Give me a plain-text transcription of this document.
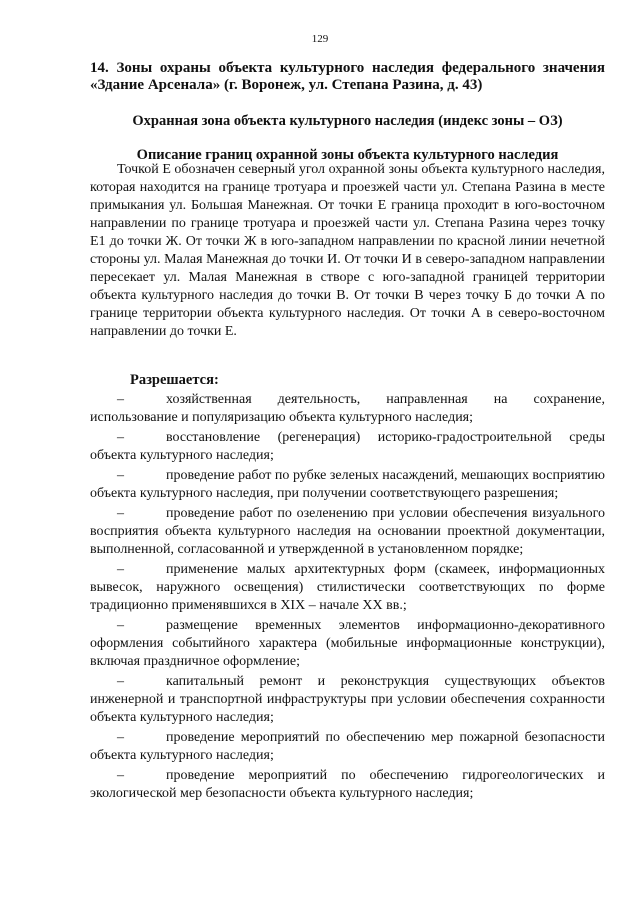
129

14. Зоны охраны объекта культурного наследия федерального значения «Здание Арсенала» (г. Воронеж, ул. Степана Разина, д. 43)

Охранная зона объекта культурного наследия (индекс зоны – ОЗ)

Описание границ охранной зоны объекта культурного наследия

Точкой Е обозначен северный угол охранной зоны объекта культурного наследия, которая находится на границе тротуара и проезжей части ул. Степана Разина в месте примыкания ул. Большая Манежная. От точки Е граница проходит в юго-восточном направлении по границе тротуара и проезжей части ул. Степана Разина через точку Е1 до точки Ж. От точки Ж в юго-западном направлении по красной линии нечетной стороны ул. Малая Манежная до точки И. От точки И в северо-западном направлении пересекает ул. Малая Манежная в створе с юго-западной границей территории объекта культурного наследия до точки В. От точки В через точку Б до точки А по границе территории объекта культурного наследия. От точки А в северо-восточном направлении до точки Е.

Разрешается:

–	хозяйственная деятельность, направленная на сохранение, использование и популяризацию объекта культурного наследия;
–	восстановление (регенерация) историко-градостроительной среды объекта культурного наследия;
–	проведение работ по рубке зеленых насаждений, мешающих восприятию объекта культурного наследия, при получении соответствующего разрешения;
–	проведение работ по озеленению при условии обеспечения визуального восприятия объекта культурного наследия на основании проектной документации, выполненной, согласованной и утвержденной в установленном порядке;
–	применение малых архитектурных форм (скамеек, информационных вывесок, наружного освещения) стилистически соответствующих по форме традиционно применявшихся в XIX – начале XX вв.;
–	размещение временных элементов информационно-декоративного оформления событийного характера (мобильные информационные конструкции), включая праздничное оформление;
–	капитальный ремонт и реконструкция существующих объектов инженерной и транспортной инфраструктуры при условии обеспечения сохранности объекта культурного наследия;
–	проведение мероприятий по обеспечению мер пожарной безопасности объекта культурного наследия;
–	проведение мероприятий по обеспечению гидрогеологических и экологической мер безопасности объекта культурного наследия;
